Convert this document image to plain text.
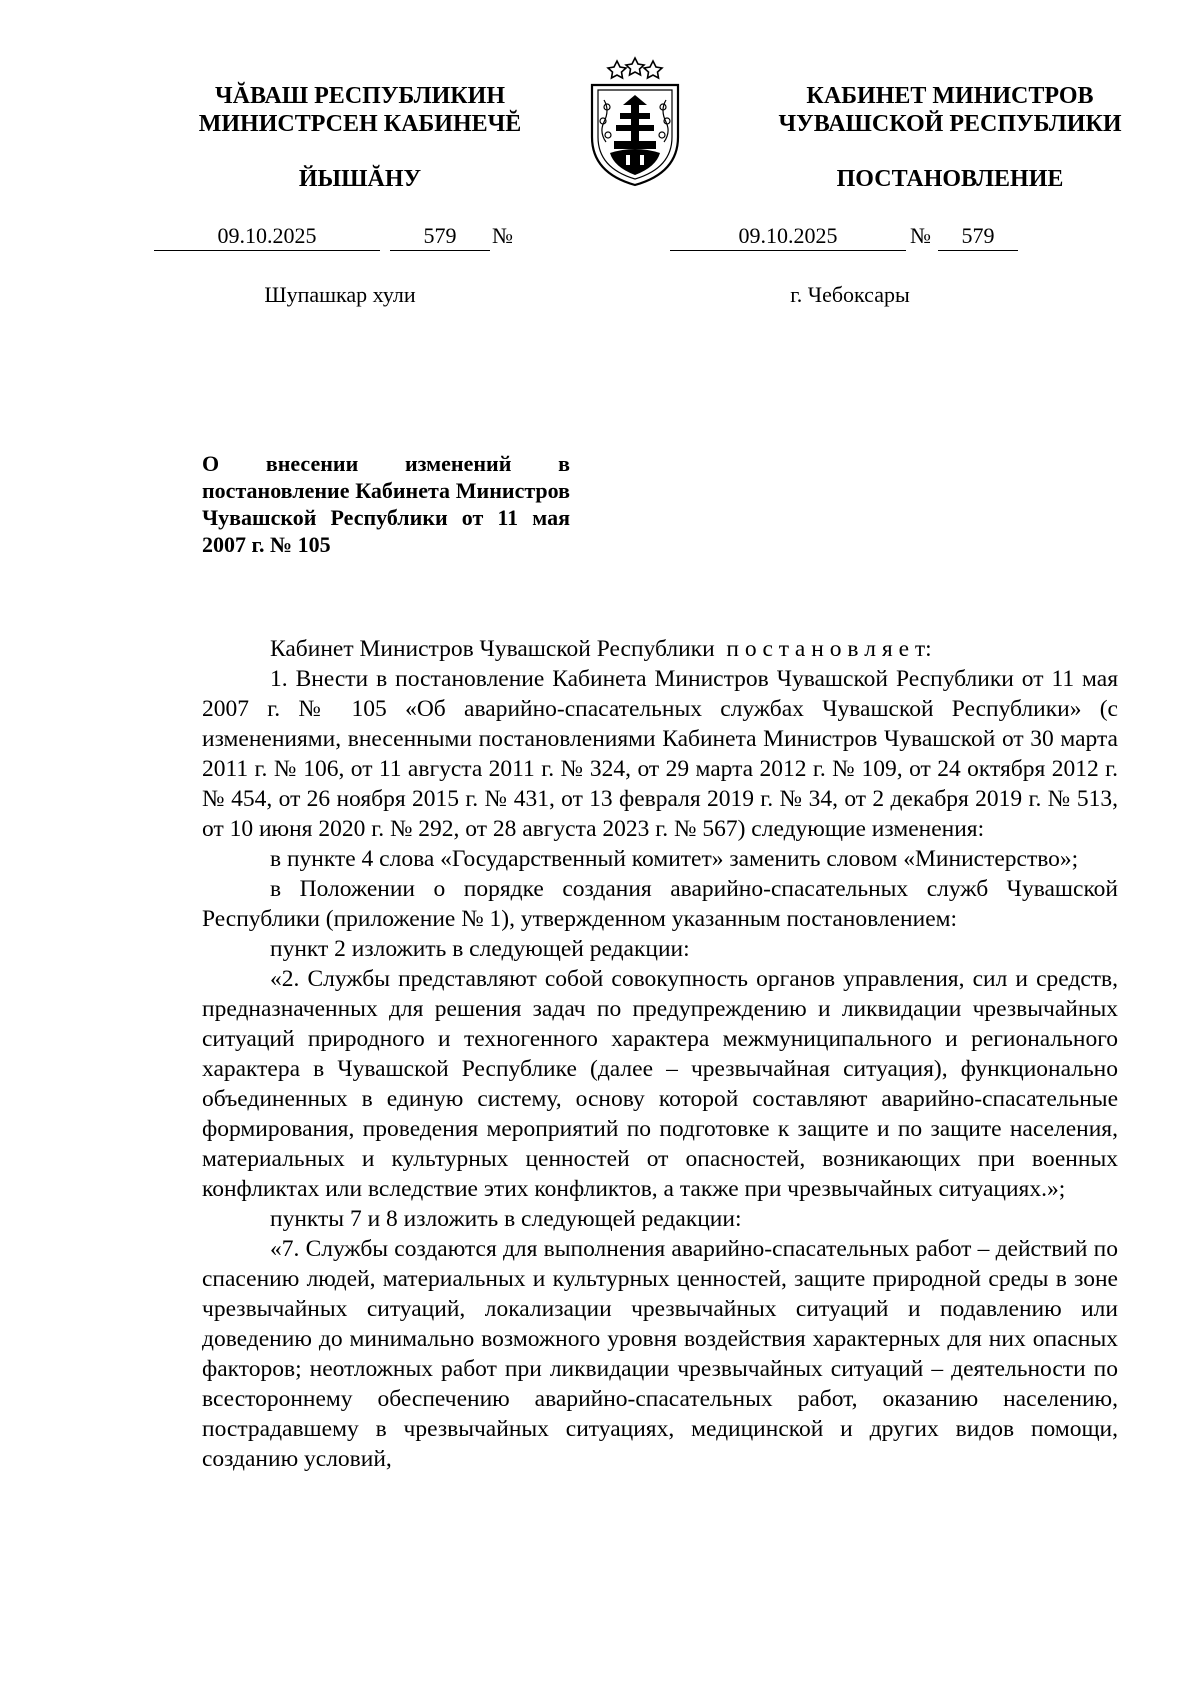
ЧĂВАШ РЕСПУБЛИКИН
МИНИСТРСЕН КАБИНЕЧĔ
ЙЫШĂНУ
КАБИНЕТ МИНИСТРОВ
ЧУВАШСКОЙ РЕСПУБЛИКИ
ПОСТАНОВЛЕНИЕ
09.10.2025	579	№	09.10.2025	№	579
Шупашкар хули	г. Чебоксары
О внесении изменений в постановление Кабинета Министров Чувашской Республики от 11 мая 2007 г. № 105

Кабинет Министров Чувашской Республики п о с т а н о в л я е т:

1. Внести в постановление Кабинета Министров Чувашской Республики от 11 мая 2007 г. № 105 «Об аварийно-спасательных службах Чувашской Республики» (с изменениями, внесенными постановлениями Кабинета Министров Чувашской от 30 марта 2011 г. № 106, от 11 августа 2011 г. № 324, от 29 марта 2012 г. № 109, от 24 октября 2012 г. № 454, от 26 ноября 2015 г. № 431, от 13 февраля 2019 г. № 34, от 2 декабря 2019 г. № 513, от 10 июня 2020 г. № 292, от 28 августа 2023 г. № 567) следующие изменения:

в пункте 4 слова «Государственный комитет» заменить словом «Министерство»;

в Положении о порядке создания аварийно-спасательных служб Чувашской Республики (приложение № 1), утвержденном указанным постановлением:

пункт 2 изложить в следующей редакции:

«2. Службы представляют собой совокупность органов управления, сил и средств, предназначенных для решения задач по предупреждению и ликвидации чрезвычайных ситуаций природного и техногенного характера межмуниципального и регионального характера в Чувашской Республике (далее – чрезвычайная ситуация), функционально объединенных в единую систему, основу которой составляют аварийно-спасательные формирования, проведения мероприятий по подготовке к защите и по защите населения, материальных и культурных ценностей от опасностей, возникающих при военных конфликтах или вследствие этих конфликтов, а также при чрезвычайных ситуациях.»;

пункты 7 и 8 изложить в следующей редакции:

«7. Службы создаются для выполнения аварийно-спасательных работ – действий по спасению людей, материальных и культурных ценностей, защите природной среды в зоне чрезвычайных ситуаций, локализации чрезвычайных ситуаций и подавлению или доведению до минимально возможного уровня воздействия характерных для них опасных факторов; неотложных работ при ликвидации чрезвычайных ситуаций – деятельности по всестороннему обеспечению аварийно-спасательных работ, оказанию населению, пострадавшему в чрезвычайных ситуациях, медицинской и других видов помощи, созданию условий,
